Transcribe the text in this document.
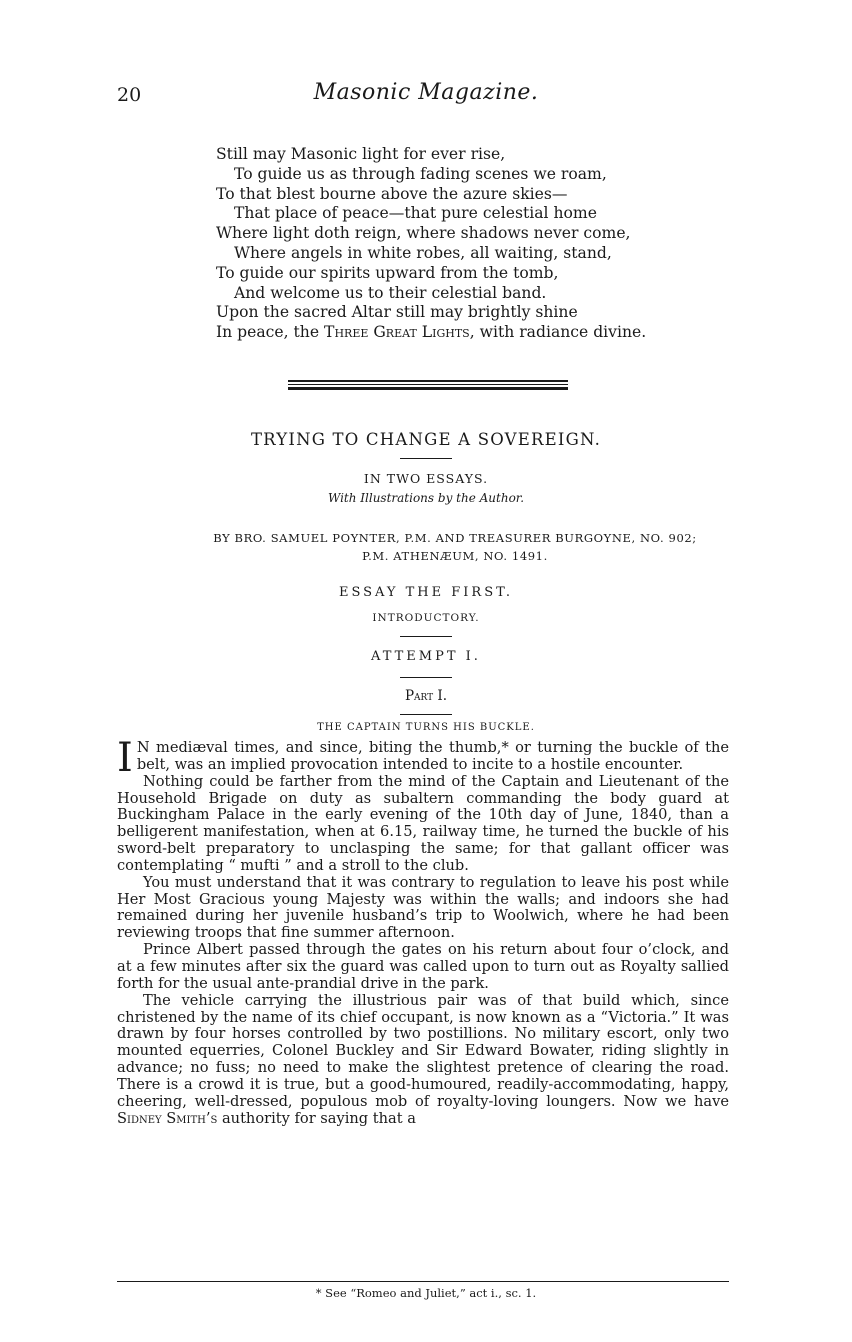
20	Masonic Magazine.
Still may Masonic light for ever rise,
To guide us as through fading scenes we roam,
To that blest bourne above the azure skies—
That place of peace—that pure celestial home
Where light doth reign, where shadows never come,
Where angels in white robes, all waiting, stand,
To guide our spirits upward from the tomb,
And welcome us to their celestial band.
Upon the sacred Altar still may brightly shine
In peace, the Three Great Lights, with radiance divine.
TRYING TO CHANGE A SOVEREIGN.
IN TWO ESSAYS.
With Illustrations by the Author.
BY BRO. SAMUEL POYNTER, P.M. AND TREASURER BURGOYNE, NO. 902;
P.M. ATHENÆUM, NO. 1491.
ESSAY THE FIRST.
INTRODUCTORY.
ATTEMPT I.
Part I.
THE CAPTAIN TURNS HIS BUCKLE.

I N mediæval times, and since, biting the thumb,* or turning the buckle of the belt, was an implied provocation intended to incite to a hostile encounter.

Nothing could be farther from the mind of the Captain and Lieutenant of the Household Brigade on duty as subaltern commanding the body guard at Buckingham Palace in the early evening of the 10th day of June, 1840, than a belligerent manifestation, when at 6.15, railway time, he turned the buckle of his sword-belt preparatory to unclasping the same; for that gallant officer was contemplating “ mufti ” and a stroll to the club.

You must understand that it was contrary to regulation to leave his post while Her Most Gracious young Majesty was within the walls; and indoors she had remained during her juvenile husband’s trip to Woolwich, where he had been reviewing troops that fine summer afternoon.

Prince Albert passed through the gates on his return about four o’clock, and at a few minutes after six the guard was called upon to turn out as Royalty sallied forth for the usual ante-prandial drive in the park.

The vehicle carrying the illustrious pair was of that build which, since christened by the name of its chief occupant, is now known as a “Victoria.” It was drawn by four horses controlled by two postillions. No military escort, only two mounted equerries, Colonel Buckley and Sir Edward Bowater, riding slightly in advance; no fuss; no need to make the slightest pretence of clearing the road. There is a crowd it is true, but a good-humoured, readily-accommodating, happy, cheering, well-dressed, populous mob of royalty-loving loungers. Now we have Sidney Smith’s authority for saying that a

* See “Romeo and Juliet,” act i., sc. 1.
